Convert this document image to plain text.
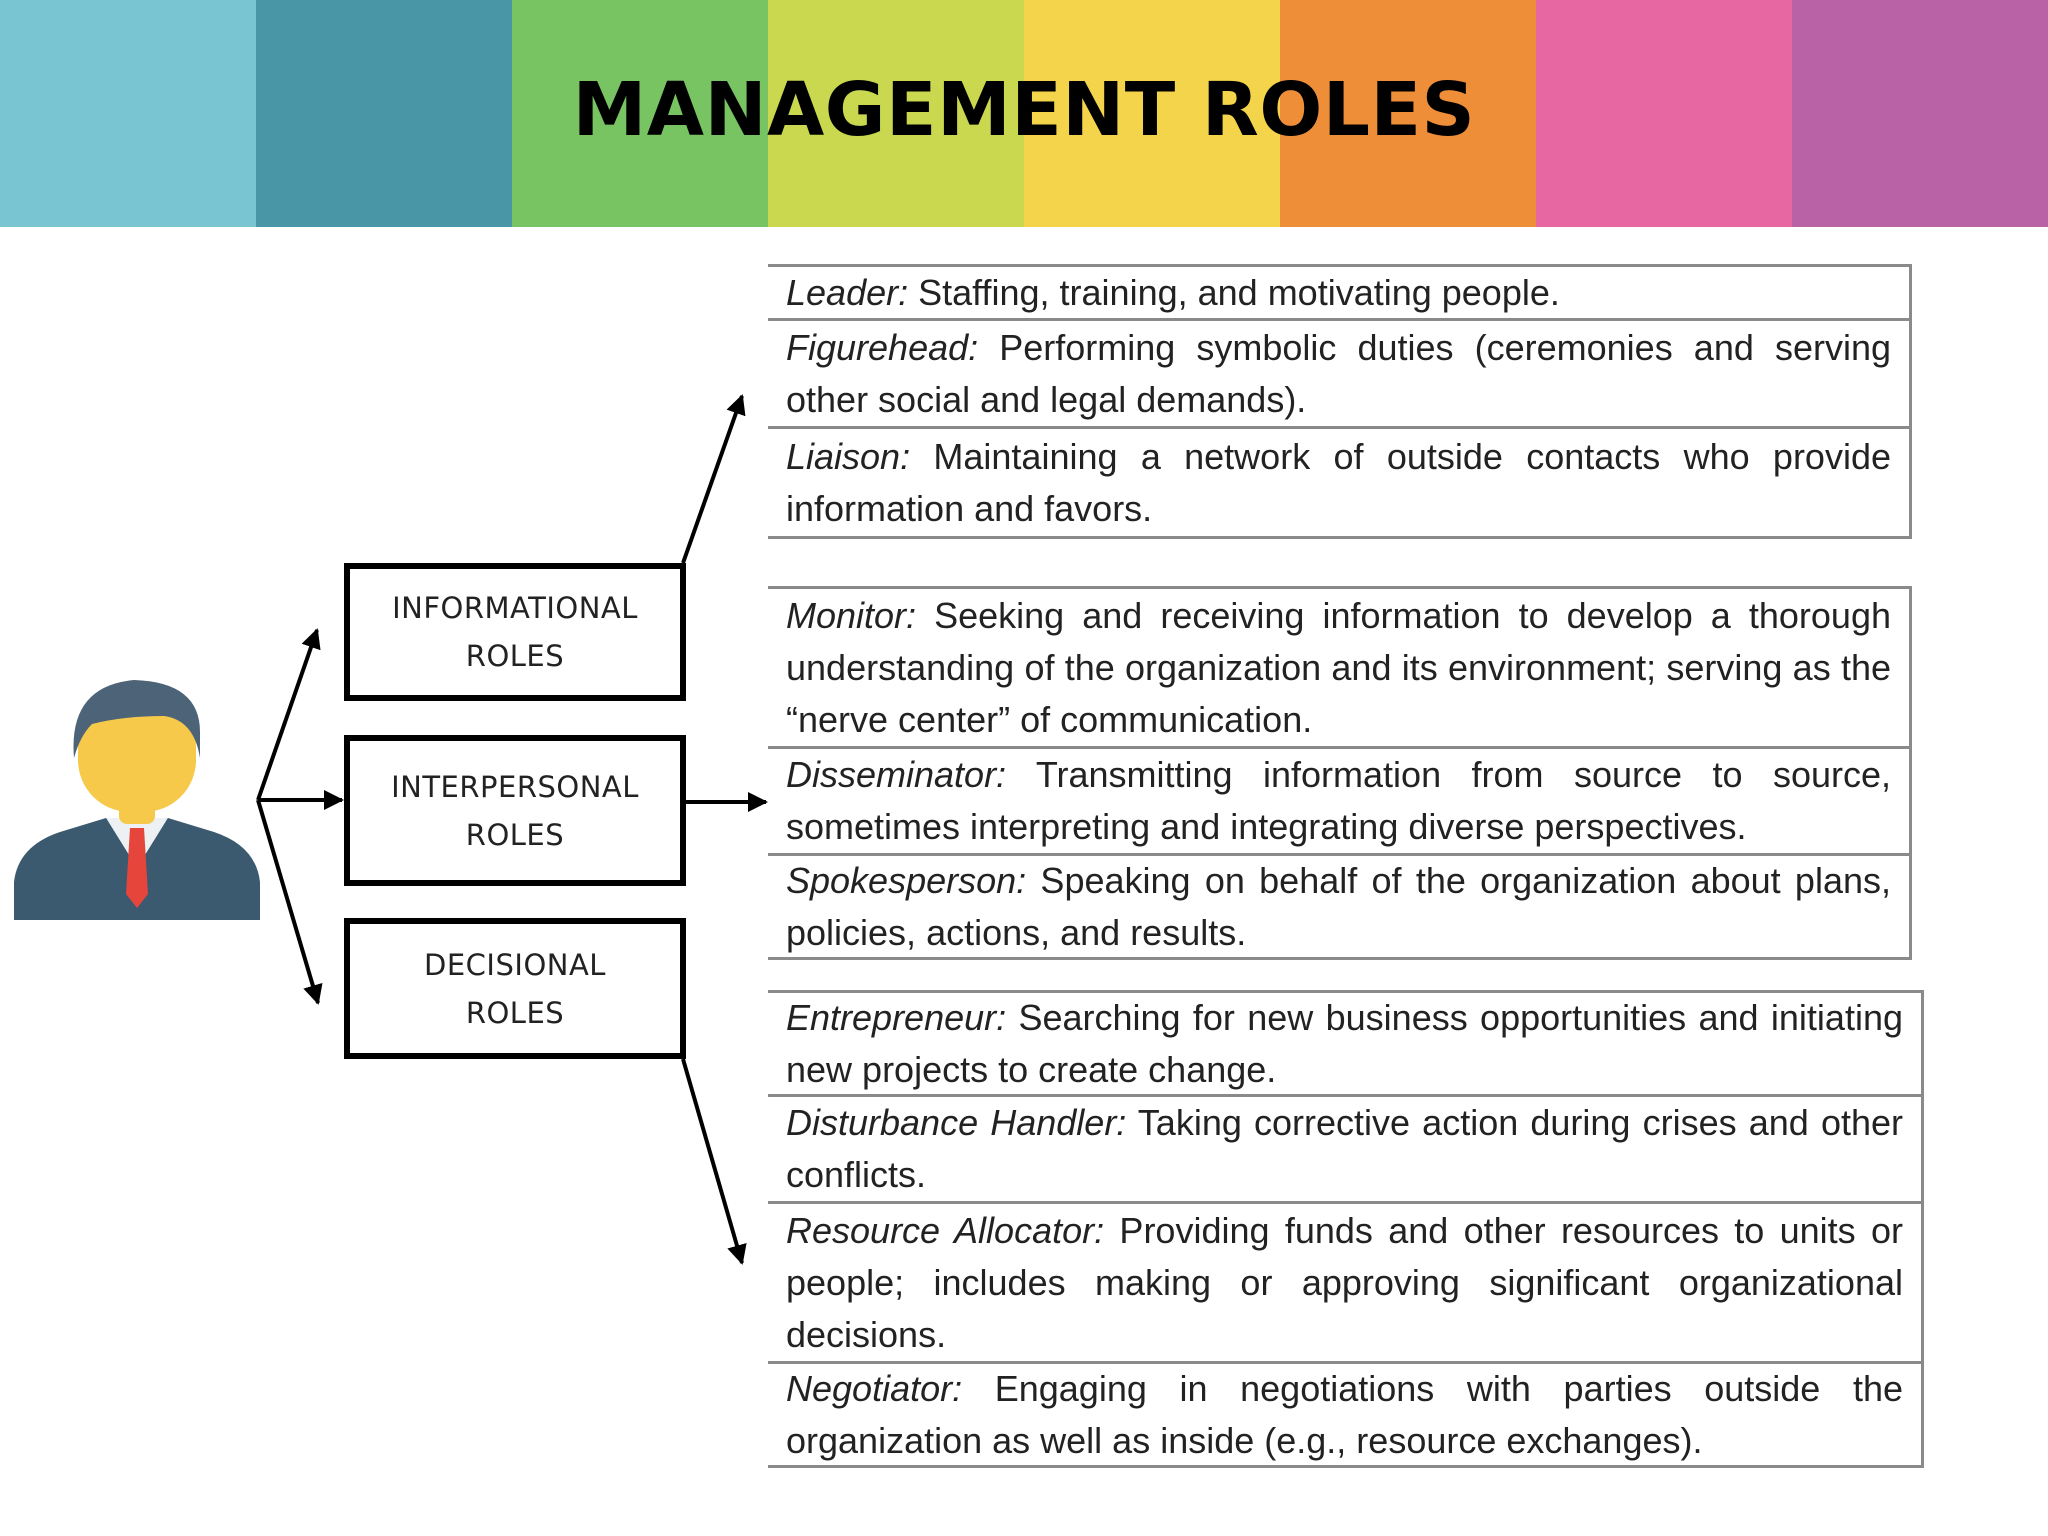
MANAGEMENT ROLES
INFORMATIONAL
ROLES
INTERPERSONAL
ROLES
DECISIONAL
ROLES

Leader: Staffing, training, and motivating people.

Figurehead: Performing symbolic duties (ceremonies and serving other social and legal demands).

Liaison: Maintaining a network of outside contacts who provide information and favors.

Monitor: Seeking and receiving information to develop a thorough understanding of the organization and its environment; serving as the “nerve center” of communication.

Disseminator: Transmitting information from source to source, sometimes interpreting and integrating diverse perspectives.

Spokesperson: Speaking on behalf of the organization about plans, policies, actions, and results.

Entrepreneur: Searching for new business opportunities and initiating new projects to create change.

Disturbance Handler: Taking corrective action during crises and other conflicts.

Resource Allocator: Providing funds and other resources to units or people; includes making or approving significant organizational decisions.

Negotiator: Engaging in negotiations with parties outside the organization as well as inside (e.g., resource exchanges).
